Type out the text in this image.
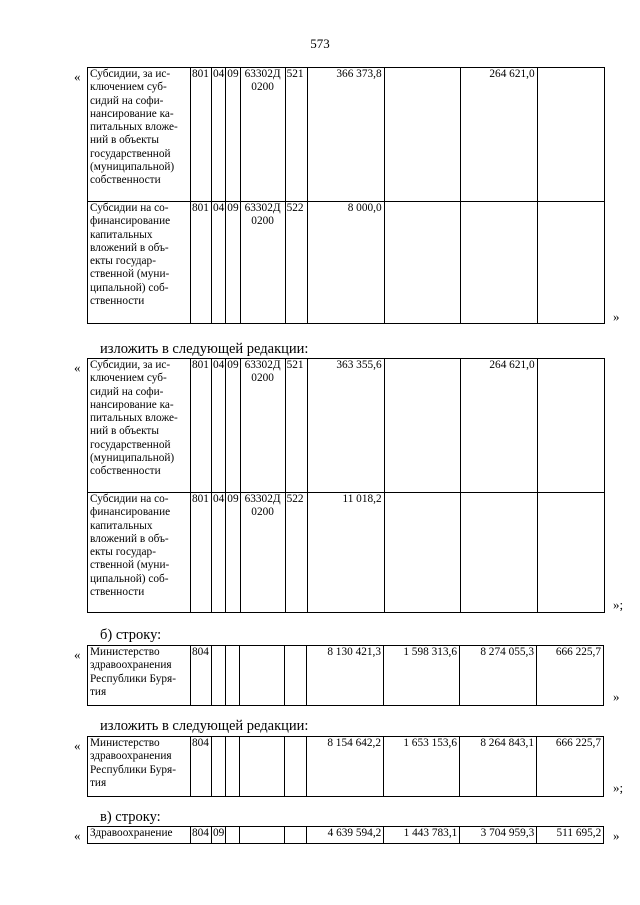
573
« Субсидии, за ис-ключением суб-сидий на софи-нансирование ка-питальных вложе-ний в объекты государственной (муниципальной) собственности	801	04	09	63302Д 0200	521	366 373,8		264 621,0	
Субсидии на со-финансирование капитальных вложений в объ-екты государ-ственной (муни-ципальной) соб-ственности	801	04	09	63302Д 0200	522	8 000,0			
»
изложить в следующей редакции:
« Субсидии, за ис-ключением суб-сидий на софи-нансирование ка-питальных вложе-ний в объекты государственной (муниципальной) собственности	801	04	09	63302Д 0200	521	363 355,6		264 621,0	
Субсидии на со-финансирование капитальных вложений в объ-екты государ-ственной (муни-ципальной) соб-ственности	801	04	09	63302Д 0200	522	11 018,2			
»;
б) строку:
« Министерство здравоохранения Республики Буря-тия	804					8 130 421,3	1 598 313,6	8 274 055,3	666 225,7
»
изложить в следующей редакции:
« Министерство здравоохранения Республики Буря-тия	804					8 154 642,2	1 653 153,6	8 264 843,1	666 225,7
»;
в) строку:
« Здравоохранение	804	09				4 639 594,2	1 443 783,1	3 704 959,3	511 695,2 »
